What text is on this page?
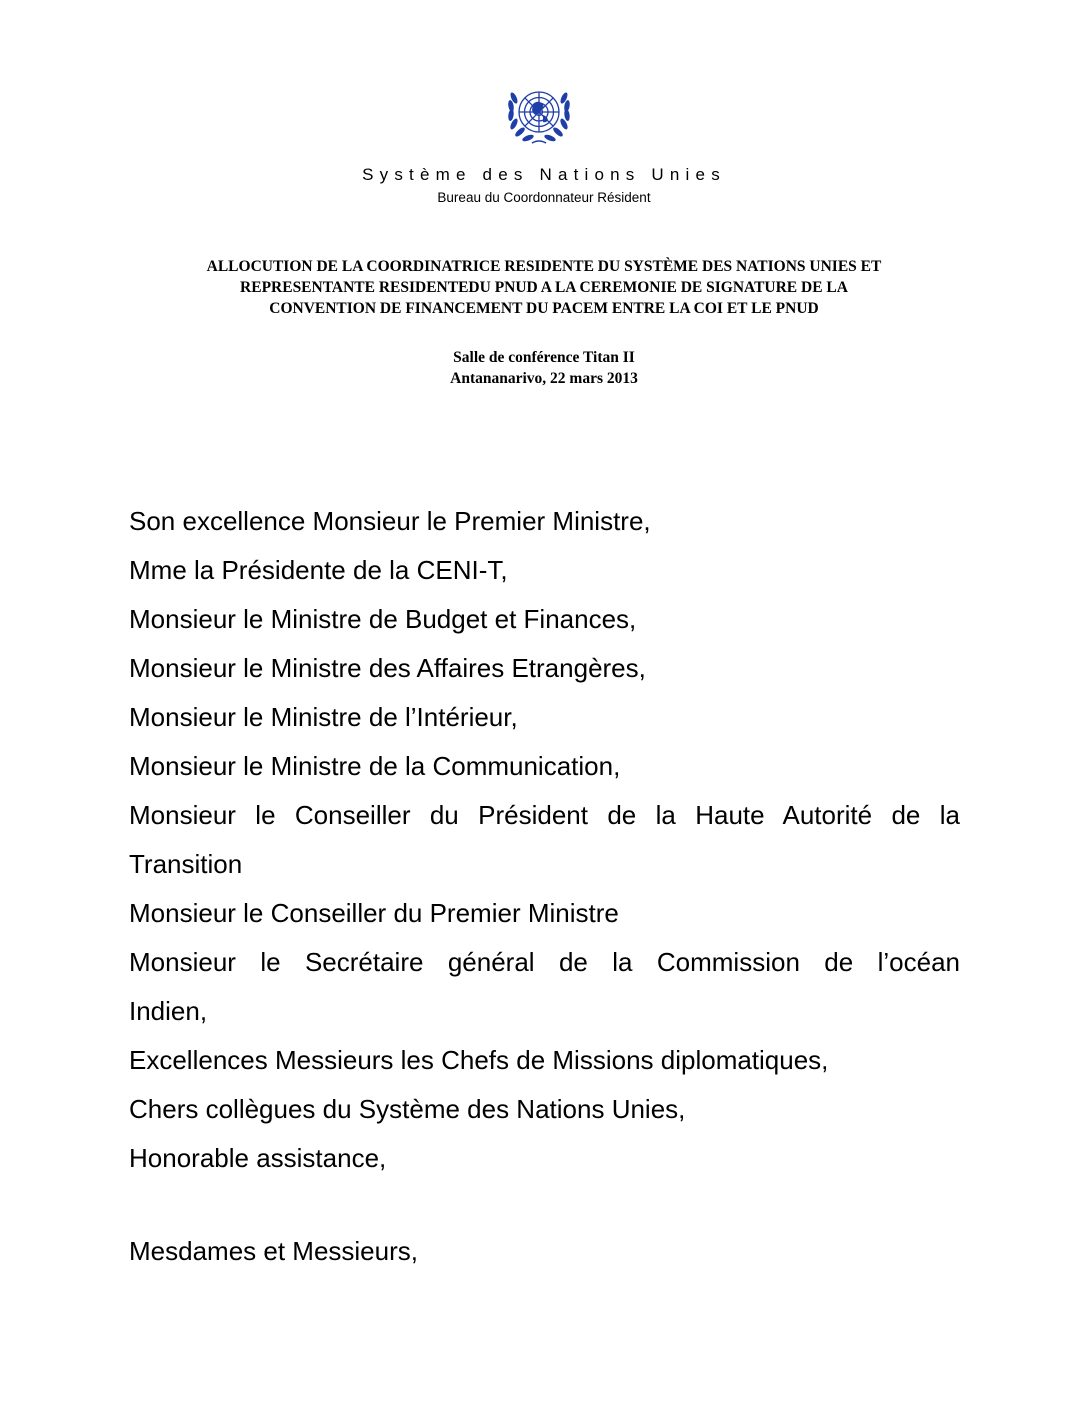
Système des Nations Unies
Bureau du Coordonnateur Résident
ALLOCUTION DE LA COORDINATRICE RESIDENTE DU SYSTÈME DES NATIONS UNIES ET
REPRESENTANTE RESIDENTEDU PNUD A LA CEREMONIE DE SIGNATURE DE LA
CONVENTION DE FINANCEMENT DU PACEM ENTRE LA COI ET LE PNUD
Salle de conférence Titan II
Antananarivo, 22 mars 2013
Son excellence Monsieur le Premier Ministre,
Mme la Présidente de la CENI-T,
Monsieur le Ministre de Budget et Finances,
Monsieur le Ministre des Affaires Etrangères,
Monsieur le Ministre de l’Intérieur,
Monsieur le Ministre de la Communication,
Monsieur le Conseiller du Président de la Haute Autorité de la
Transition
Monsieur le Conseiller du Premier Ministre
Monsieur le Secrétaire général de la Commission de l’océan
Indien,
Excellences Messieurs les Chefs de Missions diplomatiques,
Chers collègues du Système des Nations Unies,
Honorable assistance,
Mesdames et Messieurs,
